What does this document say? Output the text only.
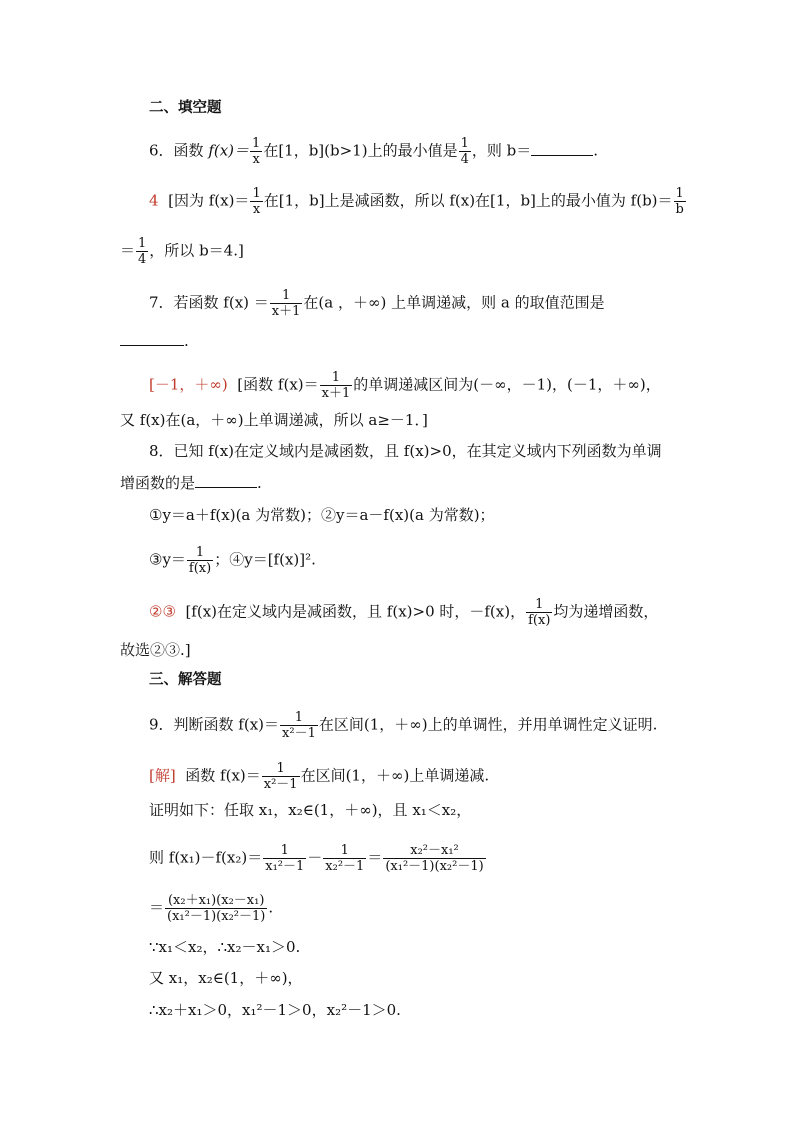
二、填空题
6．函数 $f(x)= \frac{1}{x}$ 在[1，b](b>1)上的最小值是 $\frac{1}{4}$ ，则 b＝	.
4 [因为 $f(x)= \frac{1}{x}$ 在[1，b]上是减函数，所以 f(x)在[1，b]上的最小值为 $f(b)= \frac{1}{b}$
＝ $\frac{1}{4}$ ，所以 b＝4.]
7．若函数 $f(x) = \frac{1}{x+1}$ 在(a ，＋∞) 上单调递减，则 a 的取值范围是
.
[－1，＋∞) [函数 $f(x)= \frac{1}{x+1}$ 的单调递减区间为(－∞，－1)，(－1，＋∞)，
又 f(x)在(a，＋∞)上单调递减，所以 a≥－1．]
8．已知 f(x)在定义域内是减函数，且 f(x)>0，在其定义域内下列函数为单调
增函数的是	.
①y＝a＋f(x)(a 为常数)；②y＝a－f(x)(a 为常数)；
③y＝ $\frac{1}{f(x)}$ ；④y＝[f(x)]².
②③ [f(x)在定义域内是减函数，且 f(x)>0 时，－f(x)， $\frac{1}{f(x)}$ 均为递增函数，
故选②③.]
三、解答题
9．判断函数 $f(x)= \frac{1}{\text{x²－1}}$ 在区间(1，＋∞)上的单调性，并用单调性定义证明.
[解] 函数 $f(x)= \frac{1}{\text{x²－1}}$ 在区间(1，＋∞)上单调递减.
证明如下：任取 x₁，x₂∈(1，＋∞)，且 x₁＜x₂，
则 $f(x_1)-f(x_2)= \frac{1}{\text{x₁²－1}} - \frac{1}{\text{x₂²－1}} = \frac{\text{x₂²－x₁²}}{\text{(x₁²－1)(x₂²－1)}}$
＝ $\frac{\text{(x₂＋x₁)(x₂－x₁)}}{\text{(x₁²－1)(x₂²－1)}}$ .
∵x₁＜x₂，∴x₂－x₁＞0.
又 x₁，x₂∈(1，＋∞)，
∴x₂＋x₁＞0，x₁²－1＞0，x₂²－1＞0.
